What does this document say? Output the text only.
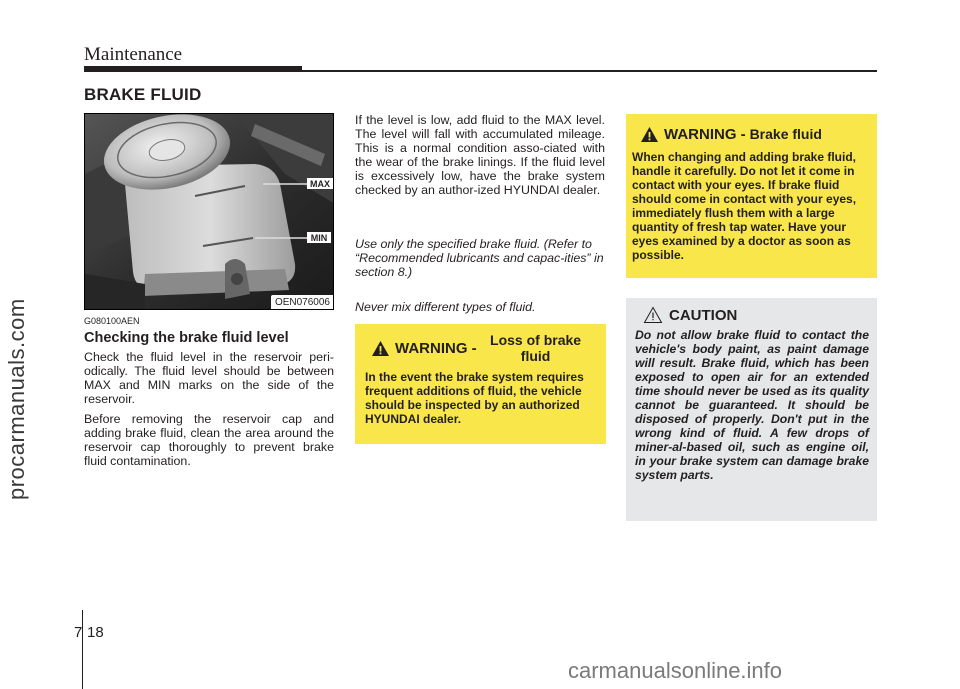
Maintenance
BRAKE FLUID
procarmanuals.com
MAX
MIN
OEN076006
G080100AEN
Checking the brake fluid level

Check the fluid level in the reservoir peri-odically. The fluid level should be between MAX and MIN marks on the side of the reservoir.

Before removing the reservoir cap and adding brake fluid, clean the area around the reservoir cap thoroughly to prevent brake fluid contamination.

If the level is low, add fluid to the MAX level. The level will fall with accumulated mileage. This is a normal condition asso-ciated with the wear of the brake linings. If the fluid level is excessively low, have the brake system checked by an author-ized HYUNDAI dealer.

Use only the specified brake fluid. (Refer to “Recommended lubricants and capac-ities” in section 8.)

Never mix different types of fluid.

WARNING -
Brake fluid
When changing and adding brake fluid, handle it carefully. Do not let it come in contact with your eyes. If brake fluid should come in contact with your eyes, immediately flush them with a large quantity of fresh tap water. Have your eyes examined by a doctor as soon as possible.
WARNING -
Loss of brake fluid
In the event the brake system requires frequent additions of fluid, the vehicle should be inspected by an authorized HYUNDAI dealer.
CAUTION
Do not allow brake fluid to contact the vehicle's body paint, as paint damage will result. Brake fluid, which has been exposed to open air for an extended time should never be used as its quality cannot be guaranteed. It should be disposed of properly. Don't put in the wrong kind of fluid. A few drops of miner-al-based oil, such as engine oil, in your brake system can damage brake system parts.
7 18
carmanualsonline.info
